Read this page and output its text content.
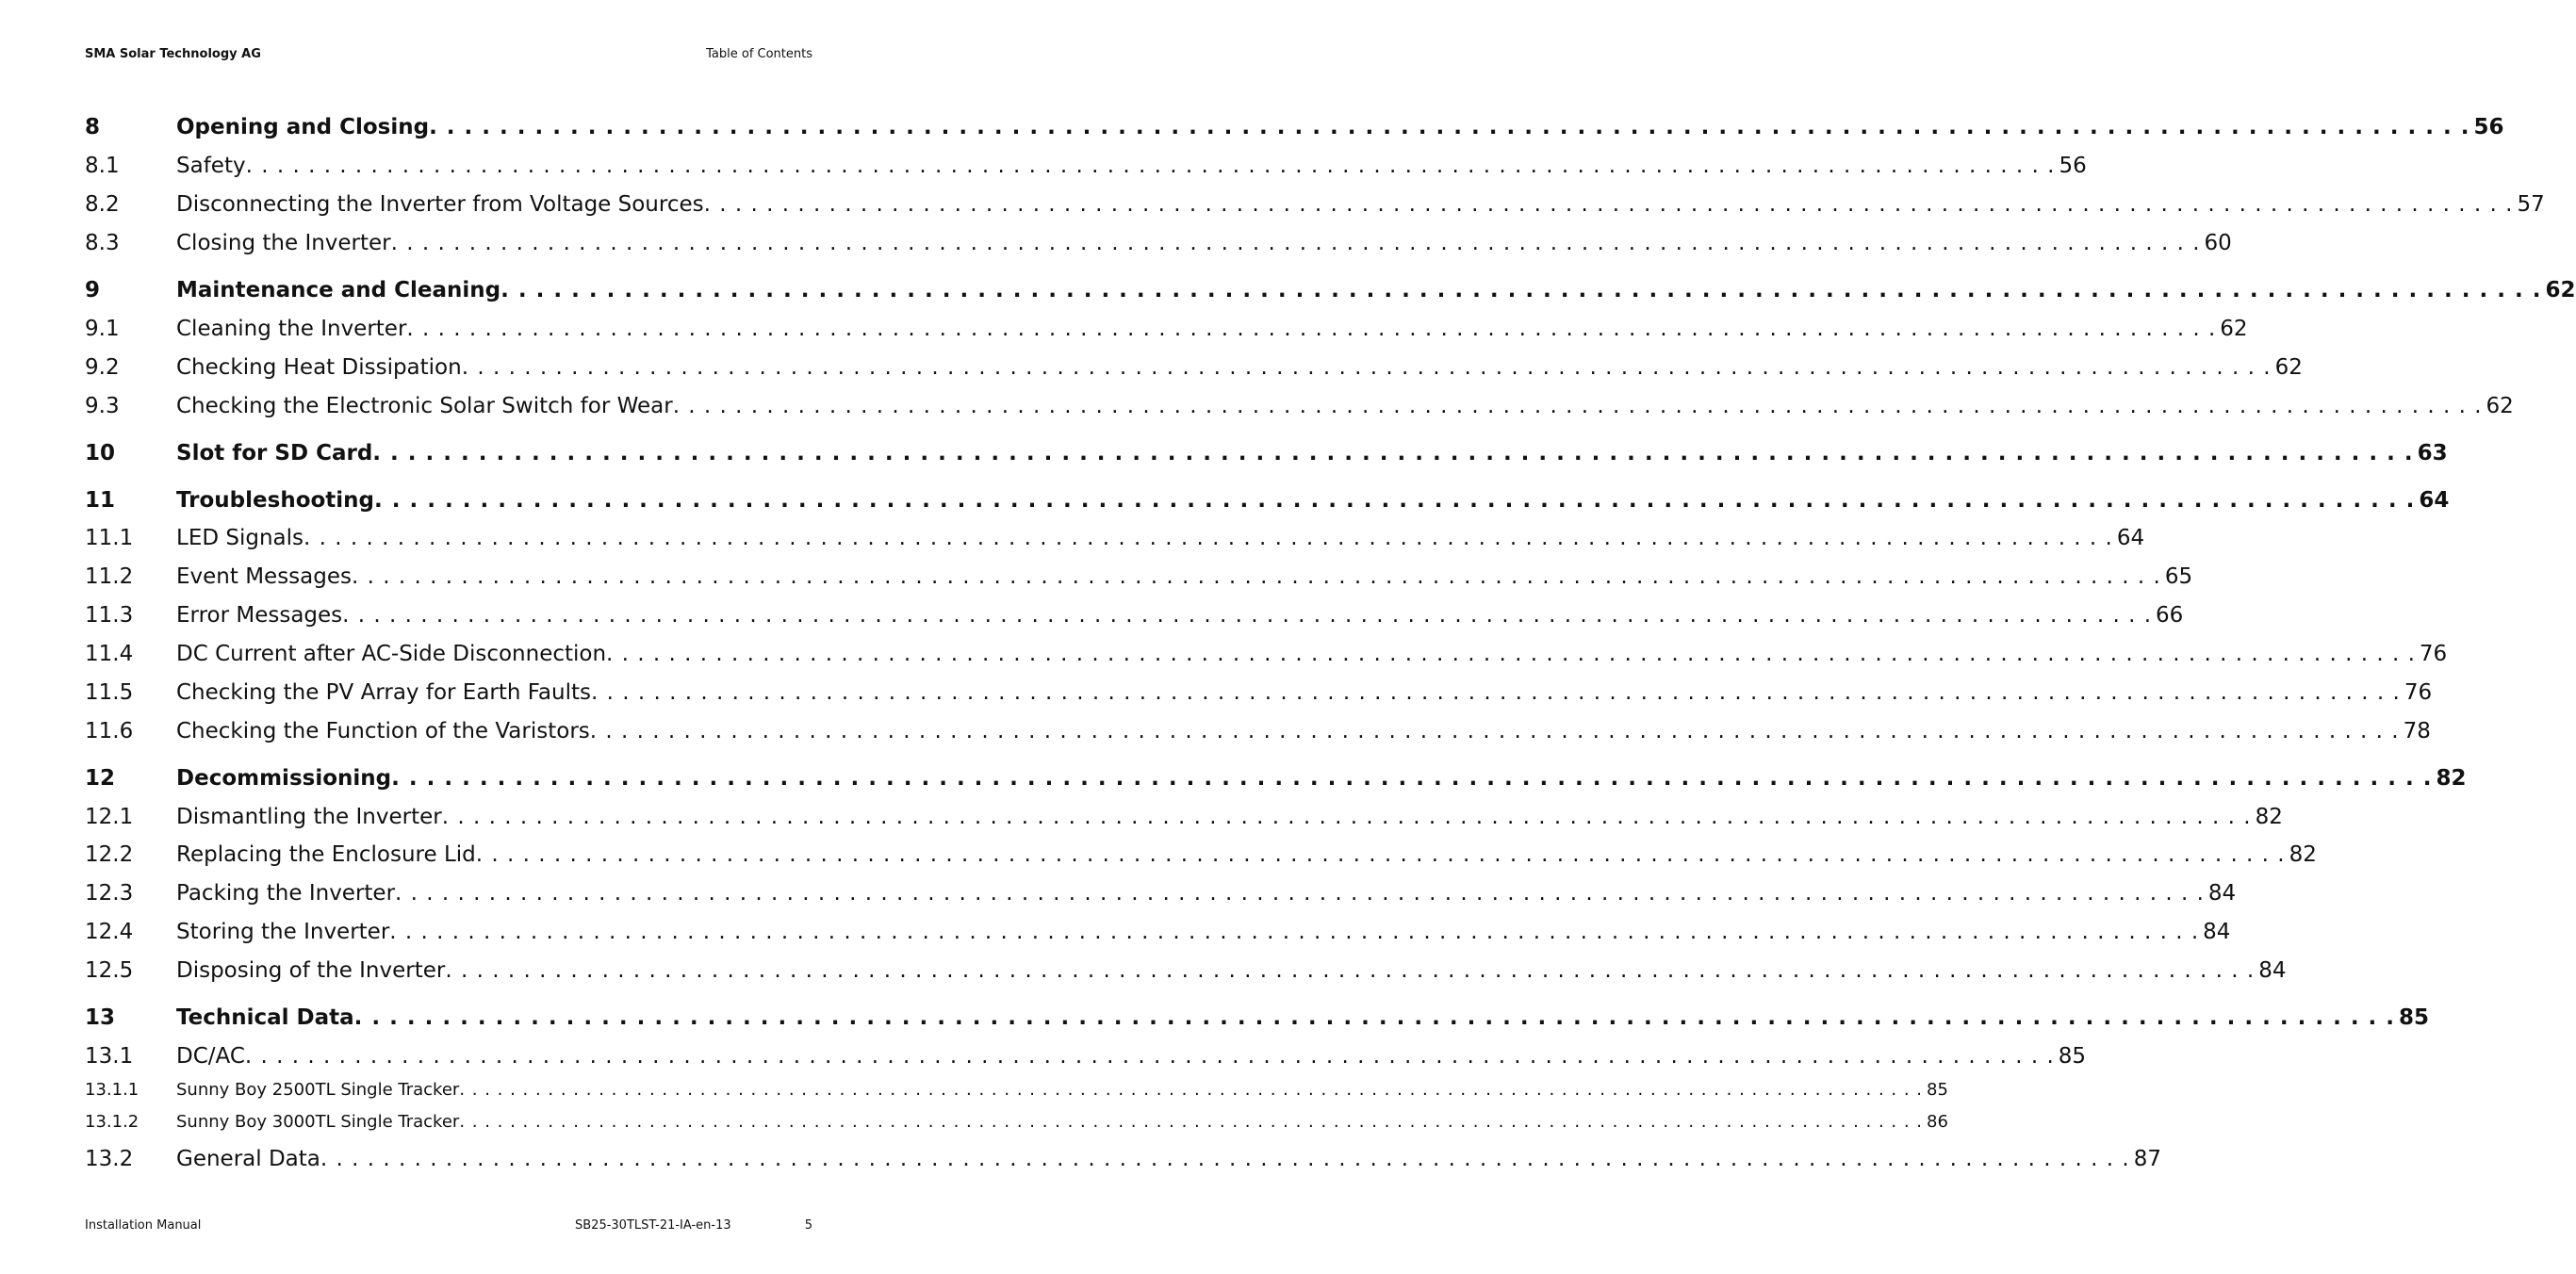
SMA Solar Technology AG	Table of Contents
8	Opening and Closing . . .	56
8.1	Safety . . .	56
8.2	Disconnecting the Inverter from Voltage Sources . . .	57
8.3	Closing the Inverter . . .	60
9	Maintenance and Cleaning . . .	62
9.1	Cleaning the Inverter . . .	62
9.2	Checking Heat Dissipation . . .	62
9.3	Checking the Electronic Solar Switch for Wear . . .	62
10	Slot for SD Card . . .	63
11	Troubleshooting . . .	64
11.1	LED Signals . . .	64
11.2	Event Messages . . .	65
11.3	Error Messages . . .	66
11.4	DC Current after AC-Side Disconnection . . .	76
11.5	Checking the PV Array for Earth Faults . . .	76
11.6	Checking the Function of the Varistors . . .	78
12	Decommissioning . . .	82
12.1	Dismantling the Inverter . . .	82
12.2	Replacing the Enclosure Lid . . .	82
12.3	Packing the Inverter . . .	84
12.4	Storing the Inverter . . .	84
12.5	Disposing of the Inverter . . .	84
13	Technical Data . . .	85
13.1	DC/AC . . .	85
13.1.1	Sunny Boy 2500TL Single Tracker . . .	85
13.1.2	Sunny Boy 3000TL Single Tracker . . .	86
13.2	General Data . . .	87
Installation Manual	SB25-30TLST-21-IA-en-13	5
